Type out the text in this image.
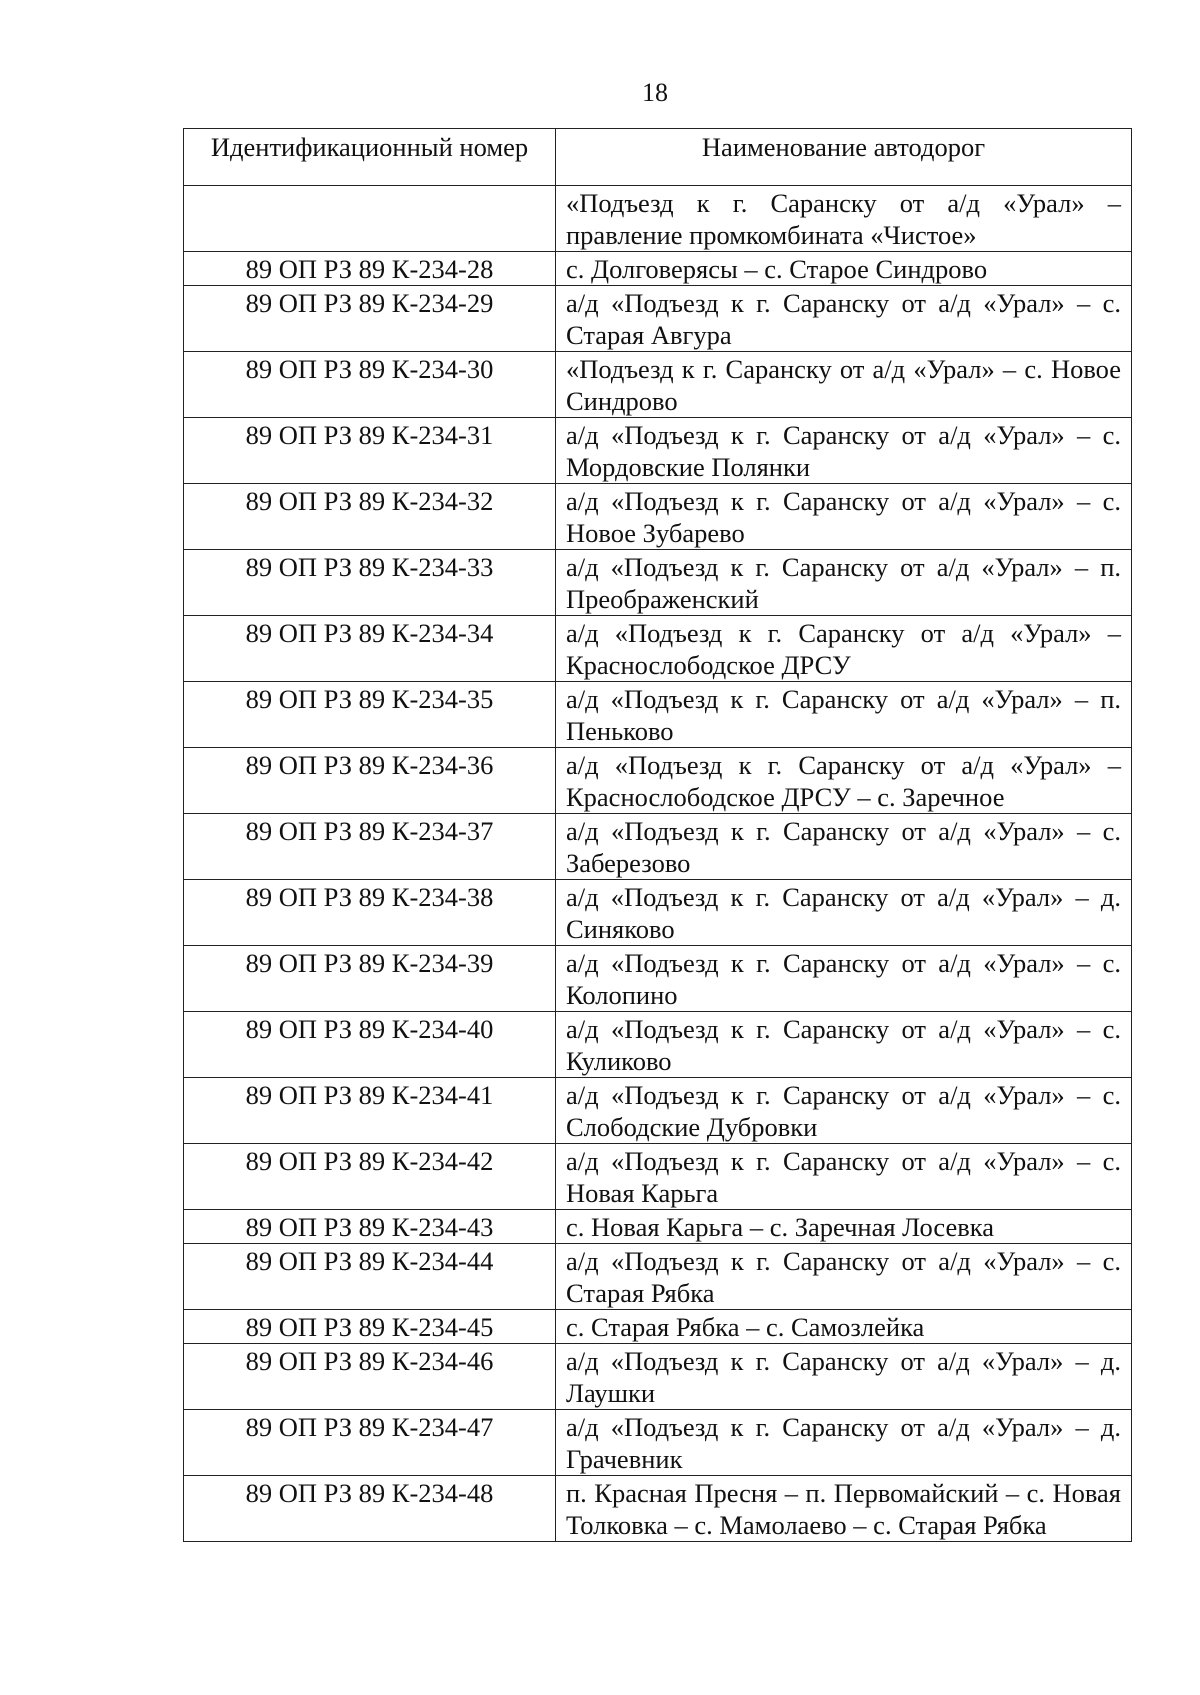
18
Идентификационный номер	Наименование автодорог
	«Подъезд к г. Саранску от а/д «Урал» – правление промкомбината «Чистое»
89 ОП РЗ 89 К-234-28	с. Долговерясы – с. Старое Синдрово
89 ОП РЗ 89 К-234-29	а/д «Подъезд к г. Саранску от а/д «Урал» – с. Старая Авгура
89 ОП РЗ 89 К-234-30	«Подъезд к г. Саранску от а/д «Урал» – с. Новое Синдрово
89 ОП РЗ 89 К-234-31	а/д «Подъезд к г. Саранску от а/д «Урал» – с. Мордовские Полянки
89 ОП РЗ 89 К-234-32	а/д «Подъезд к г. Саранску от а/д «Урал» – с. Новое Зубарево
89 ОП РЗ 89 К-234-33	а/д «Подъезд к г. Саранску от а/д «Урал» – п. Преображенский
89 ОП РЗ 89 К-234-34	а/д «Подъезд к г. Саранску от а/д «Урал» – Краснослободское ДРСУ
89 ОП РЗ 89 К-234-35	а/д «Подъезд к г. Саранску от а/д «Урал» – п. Пеньково
89 ОП РЗ 89 К-234-36	а/д «Подъезд к г. Саранску от а/д «Урал» – Краснослободское ДРСУ – с. Заречное
89 ОП РЗ 89 К-234-37	а/д «Подъезд к г. Саранску от а/д «Урал» – с. Заберезово
89 ОП РЗ 89 К-234-38	а/д «Подъезд к г. Саранску от а/д «Урал» – д. Синяково
89 ОП РЗ 89 К-234-39	а/д «Подъезд к г. Саранску от а/д «Урал» – с. Колопино
89 ОП РЗ 89 К-234-40	а/д «Подъезд к г. Саранску от а/д «Урал» – с. Куликово
89 ОП РЗ 89 К-234-41	а/д «Подъезд к г. Саранску от а/д «Урал» – с. Слободские Дубровки
89 ОП РЗ 89 К-234-42	а/д «Подъезд к г. Саранску от а/д «Урал» – с. Новая Карьга
89 ОП РЗ 89 К-234-43	с. Новая Карьга – с. Заречная Лосевка
89 ОП РЗ 89 К-234-44	а/д «Подъезд к г. Саранску от а/д «Урал» – с. Старая Рябка
89 ОП РЗ 89 К-234-45	с. Старая Рябка – с. Самозлейка
89 ОП РЗ 89 К-234-46	а/д «Подъезд к г. Саранску от а/д «Урал» – д. Лаушки
89 ОП РЗ 89 К-234-47	а/д «Подъезд к г. Саранску от а/д «Урал» – д. Грачевник
89 ОП РЗ 89 К-234-48	п. Красная Пресня – п. Первомайский – с. Новая Толковка – с. Мамолаево – с. Старая Рябка
